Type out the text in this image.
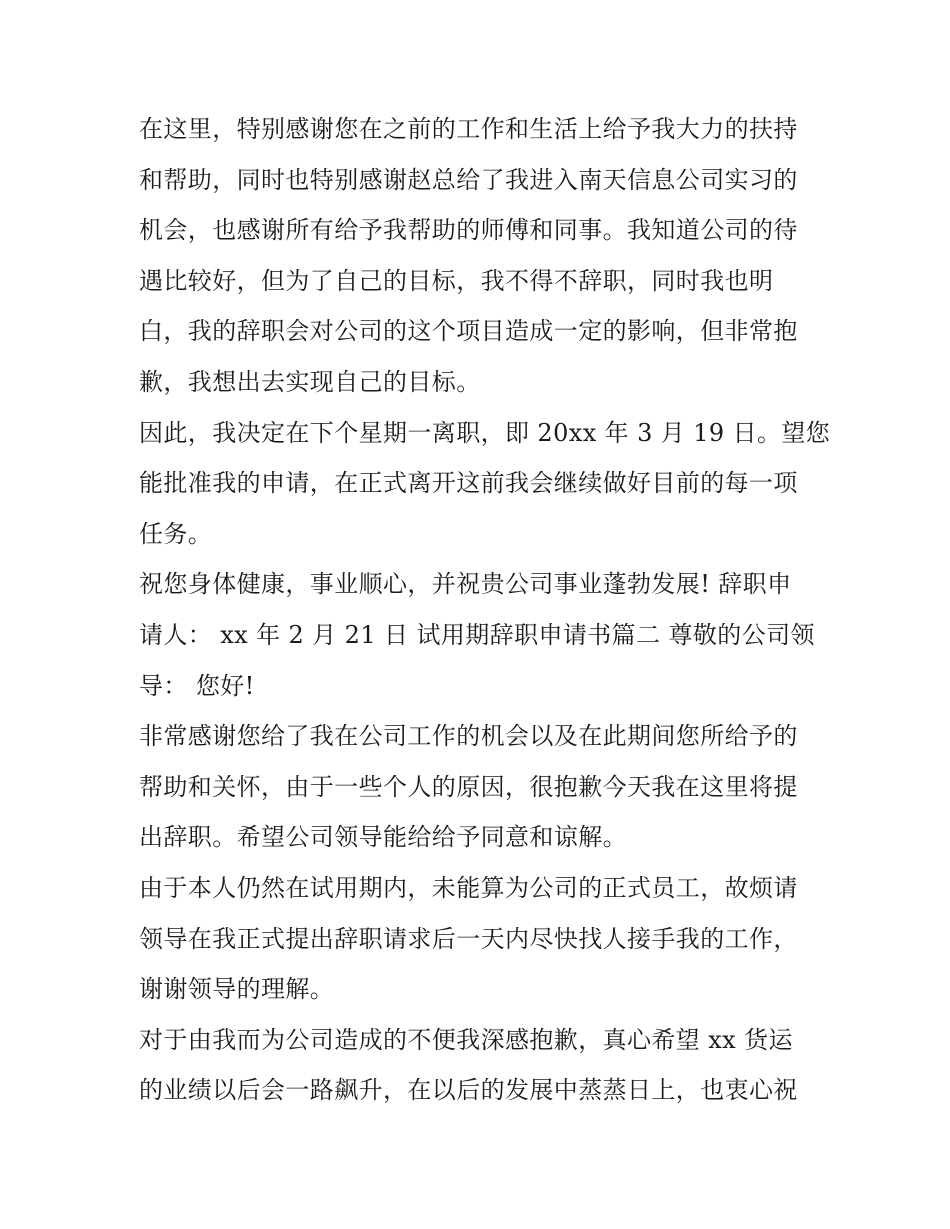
在这里，特别感谢您在之前的工作和生活上给予我大力的扶持
和帮助，同时也特别感谢赵总给了我进入南天信息公司实习的
机会，也感谢所有给予我帮助的师傅和同事。我知道公司的待
遇比较好，但为了自己的目标，我不得不辞职，同时我也明
白，我的辞职会对公司的这个项目造成一定的影响，但非常抱
歉，我想出去实现自己的目标。
因此，我决定在下个星期一离职，即 20xx 年 3 月 19 日。望您
能批准我的申请，在正式离开这前我会继续做好目前的每一项
任务。
祝您身体健康，事业顺心，并祝贵公司事业蓬勃发展! 辞职申
请人： xx 年 2 月 21 日 试用期辞职申请书篇二 尊敬的公司领
导： 您好!
非常感谢您给了我在公司工作的机会以及在此期间您所给予的
帮助和关怀，由于一些个人的原因，很抱歉今天我在这里将提
出辞职。希望公司领导能给给予同意和谅解。
由于本人仍然在试用期内，未能算为公司的正式员工，故烦请
领导在我正式提出辞职请求后一天内尽快找人接手我的工作，
谢谢领导的理解。
对于由我而为公司造成的不便我深感抱歉，真心希望 xx 货运
的业绩以后会一路飙升，在以后的发展中蒸蒸日上，也衷心祝
